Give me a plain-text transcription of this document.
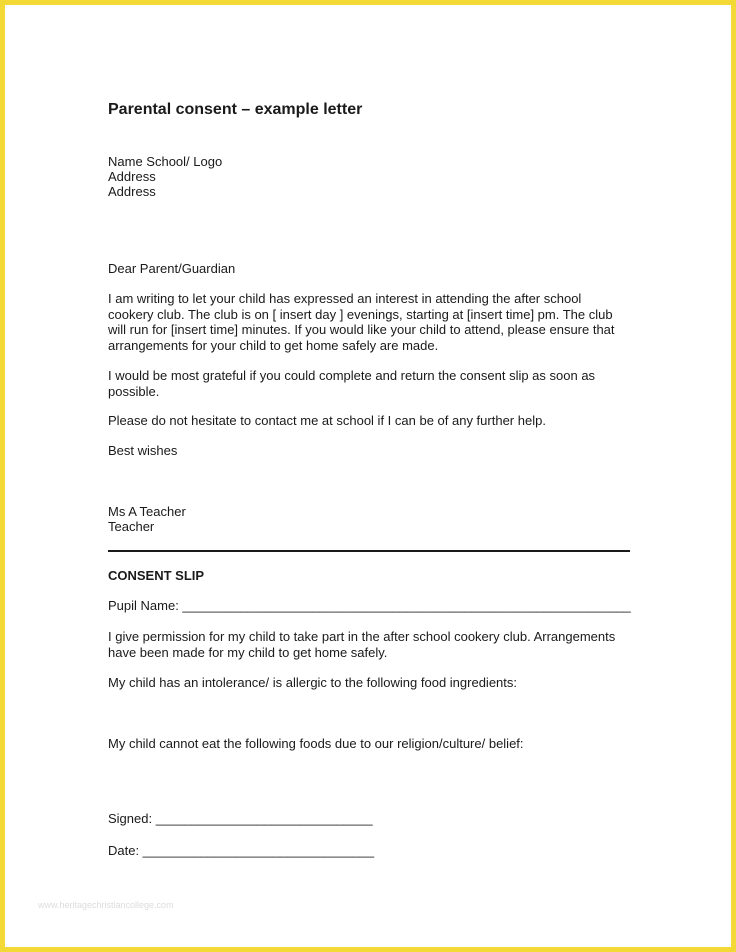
Parental consent – example letter
Name School/ Logo
Address
Address
Dear Parent/Guardian
I am writing to let your child has expressed an interest in attending the after school
cookery club. The club is on [ insert day ] evenings, starting at [insert time] pm. The club
will run for [insert time] minutes. If you would like your child to attend, please ensure that
arrangements for your child to get home safely are made.
I would be most grateful if you could complete and return the consent slip as soon as
possible.
Please do not hesitate to contact me at school if I can be of any further help.
Best wishes
Ms A Teacher
Teacher
CONSENT SLIP
Pupil Name: ______________________________________________________________
I give permission for my child to take part in the after school cookery club. Arrangements
have been made for my child to get home safely.
My child has an intolerance/ is allergic to the following food ingredients:
My child cannot eat the following foods due to our religion/culture/ belief:
Signed: ______________________________
Date: ________________________________
www.heritagechristiancollege.com
